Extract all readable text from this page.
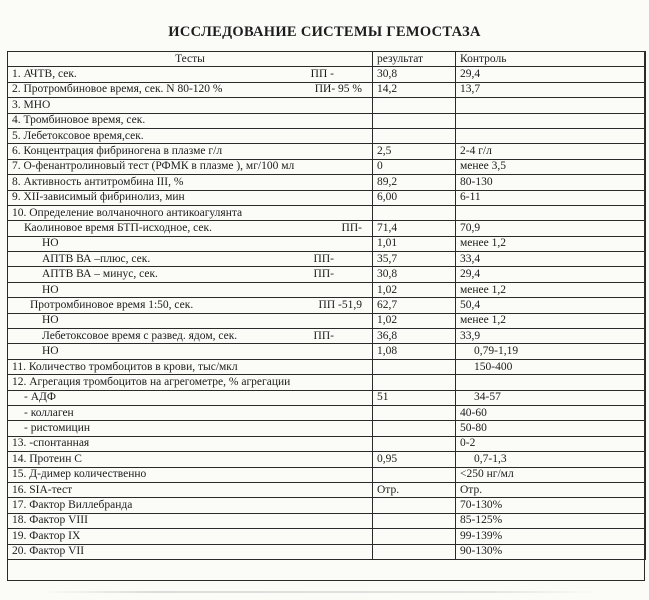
ИССЛЕДОВАНИЕ СИСТЕМЫ ГЕМОСТАЗА
Тесты	результат	Контроль
1. АЧТВ, сек. ПП -	30,8	29,4
2. Протромбиновое время, сек. N 80-120 % ПИ- 95 %	14,2	13,7
3. МНО		
4. Тромбиновое время, сек.		
5. Лебетоксовое время,сек.		
6. Концентрация фибриногена в плазме г/л	2,5	2-4 г/л
7. О-фенантролиновый тест (РФМК в плазме ), мг/100 мл	0	менее 3,5
8. Активность антитромбина III, %	89,2	80-130
9. XII-зависимый фибринолиз, мин	6,00	6-11
10. Определение волчаночного антикоагулянта		
Каолиновое время БТП-исходное, сек. ПП-	71,4	70,9
НО	1,01	менее 1,2
АПТВ ВА –плюс, сек. ПП-	35,7	33,4
АПТВ ВА – минус, сек. ПП-	30,8	29,4
НО	1,02	менее 1,2
Протромбиновое время 1:50, сек. ПП -51,9	62,7	50,4
НО	1,02	менее 1,2
Лебетоксовое время с развед. ядом, сек. ПП-	36,8	33,9
НО	1,08	0,79-1,19
11. Количество тромбоцитов в крови, тыс/мкл		150-400
12. Агрегация тромбоцитов на агрегометре, % агрегации		
- АДФ	51	34-57
- коллаген		40-60
- ристомицин		50-80
13. -спонтанная		0-2
14. Протеин С	0,95	0,7-1,3
15. Д-димер количественно		<250 нг/мл
16. SIA-тест	Отр.	Отр.
17. Фактор Виллебранда		70-130%
18. Фактор VIII		85-125%
19. Фактор IX		99-139%
20. Фактор VII		90-130%
